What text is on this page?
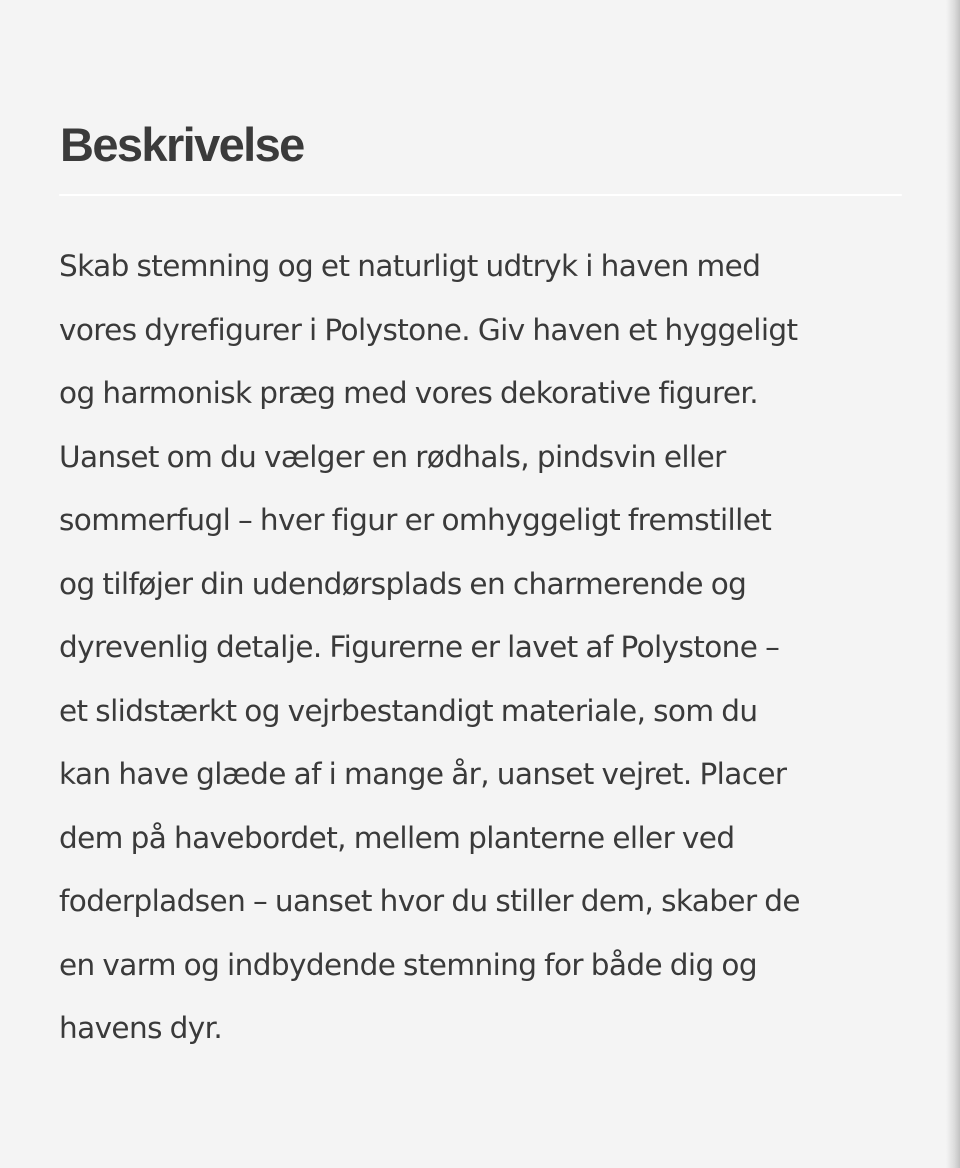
Beskrivelse
Skab stemning og et naturligt udtryk i haven med
vores dyrefigurer i Polystone. Giv haven et hyggeligt
og harmonisk præg med vores dekorative figurer.
Uanset om du vælger en rødhals, pindsvin eller
sommerfugl – hver figur er omhyggeligt fremstillet
og tilføjer din udendørsplads en charmerende og
dyrevenlig detalje. Figurerne er lavet af Polystone –
et slidstærkt og vejrbestandigt materiale, som du
kan have glæde af i mange år, uanset vejret. Placer
dem på havebordet, mellem planterne eller ved
foderpladsen – uanset hvor du stiller dem, skaber de
en varm og indbydende stemning for både dig og
havens dyr.
